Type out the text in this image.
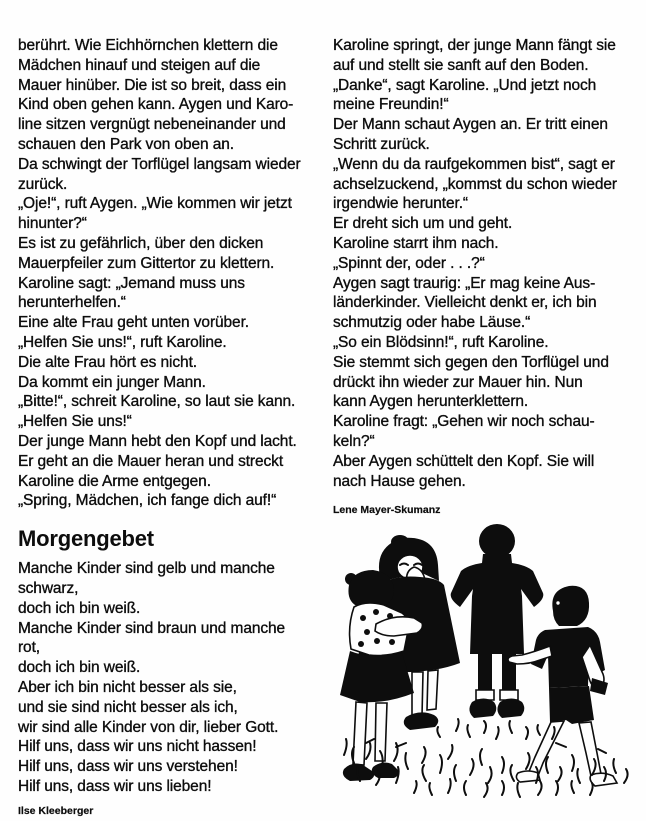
berührt. Wie Eichhörnchen klettern die
Mädchen hinauf und steigen auf die
Mauer hinüber. Die ist so breit, dass ein
Kind oben gehen kann. Aygen und Karo-
line sitzen vergnügt nebeneinander und
schauen den Park von oben an.
Da schwingt der Torflügel langsam wieder
zurück.
„Oje!“, ruft Aygen. „Wie kommen wir jetzt
hinunter?“
Es ist zu gefährlich, über den dicken
Mauerpfeiler zum Gittertor zu klettern.
Karoline sagt: „Jemand muss uns
herunterhelfen.“
Eine alte Frau geht unten vorüber.
„Helfen Sie uns!“, ruft Karoline.
Die alte Frau hört es nicht.
Da kommt ein junger Mann.
„Bitte!“, schreit Karoline, so laut sie kann.
„Helfen Sie uns!“
Der junge Mann hebt den Kopf und lacht.
Er geht an die Mauer heran und streckt
Karoline die Arme entgegen.
„Spring, Mädchen, ich fange dich auf!“
Morgengebet
Manche Kinder sind gelb und manche
schwarz,
doch ich bin weiß.
Manche Kinder sind braun und manche
rot,
doch ich bin weiß.
Aber ich bin nicht besser als sie,
und sie sind nicht besser als ich,
wir sind alle Kinder von dir, lieber Gott.
Hilf uns, dass wir uns nicht hassen!
Hilf uns, dass wir uns verstehen!
Hilf uns, dass wir uns lieben!
Ilse Kleeberger
Karoline springt, der junge Mann fängt sie
auf und stellt sie sanft auf den Boden.
„Danke“, sagt Karoline. „Und jetzt noch
meine Freundin!“
Der Mann schaut Aygen an. Er tritt einen
Schritt zurück.
„Wenn du da raufgekommen bist“, sagt er
achselzuckend, „kommst du schon wieder
irgendwie herunter.“
Er dreht sich um und geht.
Karoline starrt ihm nach.
„Spinnt der, oder . . .?“
Aygen sagt traurig: „Er mag keine Aus-
länderkinder. Vielleicht denkt er, ich bin
schmutzig oder habe Läuse.“
„So ein Blödsinn!“, ruft Karoline.
Sie stemmt sich gegen den Torflügel und
drückt ihn wieder zur Mauer hin. Nun
kann Aygen herunterklettern.
Karoline fragt: „Gehen wir noch schau-
keln?“
Aber Aygen schüttelt den Kopf. Sie will
nach Hause gehen.
Lene Mayer-Skumanz
